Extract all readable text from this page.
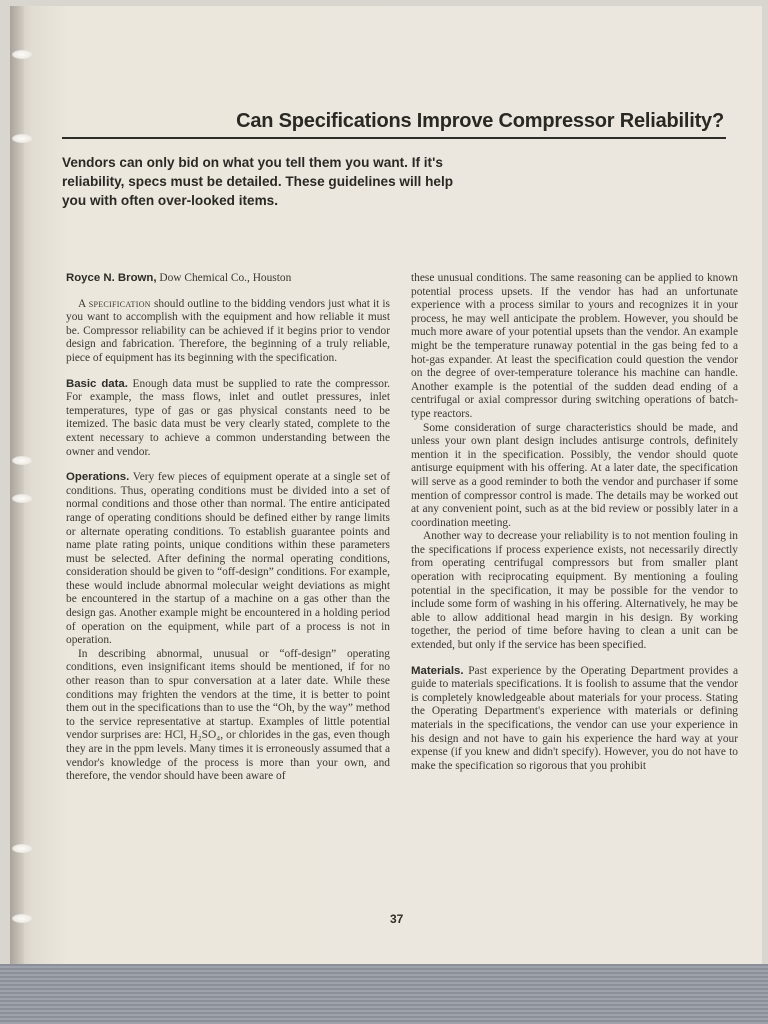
Can Specifications Improve Compressor Reliability?

Vendors can only bid on what you tell them you want. If it's reliability, specs must be detailed. These guidelines will help you with often over-looked items.

Royce N. Brown, Dow Chemical Co., Houston

A specification should outline to the bidding vendors just what it is you want to accomplish with the equipment and how reliable it must be. Compressor reliability can be achieved if it begins prior to vendor design and fabrication. Therefore, the beginning of a truly reliable, piece of equipment has its beginning with the specification.

Basic data. Enough data must be supplied to rate the compressor. For example, the mass flows, inlet and outlet pressures, inlet temperatures, type of gas or gas physical constants need to be itemized. The basic data must be very clearly stated, complete to the extent necessary to achieve a common understanding between the owner and vendor.

Operations. Very few pieces of equipment operate at a single set of conditions. Thus, operating conditions must be divided into a set of normal conditions and those other than normal. The entire anticipated range of operating conditions should be defined either by range limits or alternate operating conditions. To establish guarantee points and name plate rating points, unique conditions within these parameters must be selected. After defining the normal operating conditions, consideration should be given to “off-design” conditions. For example, these would include abnormal molecular weight deviations as might be encountered in the startup of a machine on a gas other than the design gas. Another example might be encountered in a holding period of operation on the equipment, while part of a process is not in operation.

In describing abnormal, unusual or “off-design” operating conditions, even insignificant items should be mentioned, if for no other reason than to spur conversation at a later date. While these conditions may frighten the vendors at the time, it is better to point them out in the specifications than to use the “Oh, by the way” method to the service representative at startup. Examples of little potential vendor surprises are: HCl, H₂SO₄, or chlorides in the gas, even though they are in the ppm levels. Many times it is erroneously assumed that a vendor's knowledge of the process is more than your own, and therefore, the vendor should have been aware of

these unusual conditions. The same reasoning can be applied to known potential process upsets. If the vendor has had an unfortunate experience with a process similar to yours and recognizes it in your process, he may well anticipate the problem. However, you should be much more aware of your potential upsets than the vendor. An example might be the temperature runaway potential in the gas being fed to a hot-gas expander. At least the specification could question the vendor on the degree of over-temperature tolerance his machine can handle. Another example is the potential of the sudden dead ending of a centrifugal or axial compressor during switching operations of batch-type reactors.

Some consideration of surge characteristics should be made, and unless your own plant design includes antisurge controls, definitely mention it in the specification. Possibly, the vendor should quote antisurge equipment with his offering. At a later date, the specification will serve as a good reminder to both the vendor and purchaser if some mention of compressor control is made. The details may be worked out at any convenient point, such as at the bid review or possibly later in a coordination meeting.

Another way to decrease your reliability is to not mention fouling in the specifications if process experience exists, not necessarily directly from operating centrifugal compressors but from smaller plant operation with reciprocating equipment. By mentioning a fouling potential in the specification, it may be possible for the vendor to include some form of washing in his offering. Alternatively, he may be able to allow additional head margin in his design. By working together, the period of time before having to clean a unit can be extended, but only if the service has been specified.

Materials. Past experience by the Operating Department provides a guide to materials specifications. It is foolish to assume that the vendor is completely knowledgeable about materials for your process. Stating the Operating Department's experience with materials or defining materials in the specifications, the vendor can use your experience in his design and not have to gain his experience the hard way at your expense (if you knew and didn't specify). However, you do not have to make the specification so rigorous that you prohibit

37
